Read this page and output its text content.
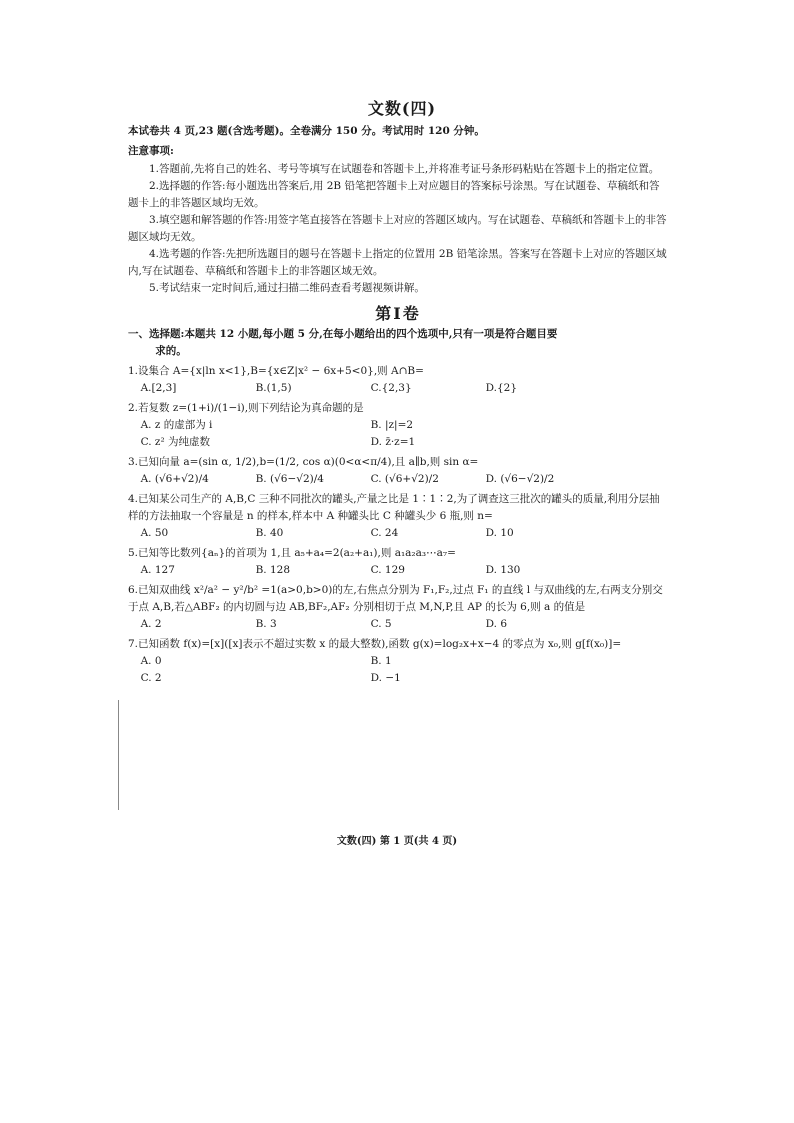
文数(四)
本试卷共 4 页,23 题(含选考题)。全卷满分 150 分。考试用时 120 分钟。
注意事项:

1.答题前,先将自己的姓名、考号等填写在试题卷和答题卡上,并将准考证号条形码粘贴在答题卡上的指定位置。

2.选择题的作答:每小题选出答案后,用 2B 铅笔把答题卡上对应题目的答案标号涂黑。写在试题卷、草稿纸和答题卡上的非答题区域均无效。

3.填空题和解答题的作答:用签字笔直接答在答题卡上对应的答题区域内。写在试题卷、草稿纸和答题卡上的非答题区域均无效。

4.选考题的作答:先把所选题目的题号在答题卡上指定的位置用 2B 铅笔涂黑。答案写在答题卡上对应的答题区域内,写在试题卷、草稿纸和答题卡上的非答题区域无效。

5.考试结束一定时间后,通过扫描二维码查看考题视频讲解。

第Ⅰ卷
一、选择题:本题共 12 小题,每小题 5 分,在每小题给出的四个选项中,只有一项是符合题目要
求的。
1.设集合 A={x|ln x<1},B={x∈Z|x² − 6x+5<0},则 A∩B=
A.[2,3]	B.(1,5)	C.{2,3}	D.{2}
2.若复数 z=(1+i)/(1−i),则下列结论为真命题的是
A. z 的虚部为 i	B. |z|=2
C. z² 为纯虚数	D. z̄·z=1
3.已知向量 a=(sin α, 1/2),b=(1/2, cos α)(0<α<π/4),且 a∥b,则 sin α=
A. (√6+√2)/4	B. (√6−√2)/4	C. (√6+√2)/2	D. (√6−√2)/2
4.已知某公司生产的 A,B,C 三种不同批次的罐头,产量之比是 1∶1∶2,为了调查这三批次的罐头的质量,利用分层抽样的方法抽取一个容量是 n 的样本,样本中 A 种罐头比 C 种罐头少 6 瓶,则 n=
A. 50	B. 40	C. 24	D. 10
5.已知等比数列{aₙ}的首项为 1,且 a₅+a₄=2(a₂+a₁),则 a₁a₂a₃⋯a₇=
A. 127	B. 128	C. 129	D. 130
6.已知双曲线 x²/a² − y²/b² =1(a>0,b>0)的左,右焦点分别为 F₁,F₂,过点 F₁ 的直线 l 与双曲线的左,右两支分别交于点 A,B,若△ABF₂ 的内切圆与边 AB,BF₂,AF₂ 分别相切于点 M,N,P,且 AP 的长为 6,则 a 的值是
A. 2	B. 3	C. 5	D. 6
7.已知函数 f(x)=[x]([x]表示不超过实数 x 的最大整数),函数 g(x)=log₂x+x−4 的零点为 x₀,则 g[f(x₀)]=
A. 0	B. 1
C. 2	D. −1
文数(四) 第 1 页(共 4 页)
